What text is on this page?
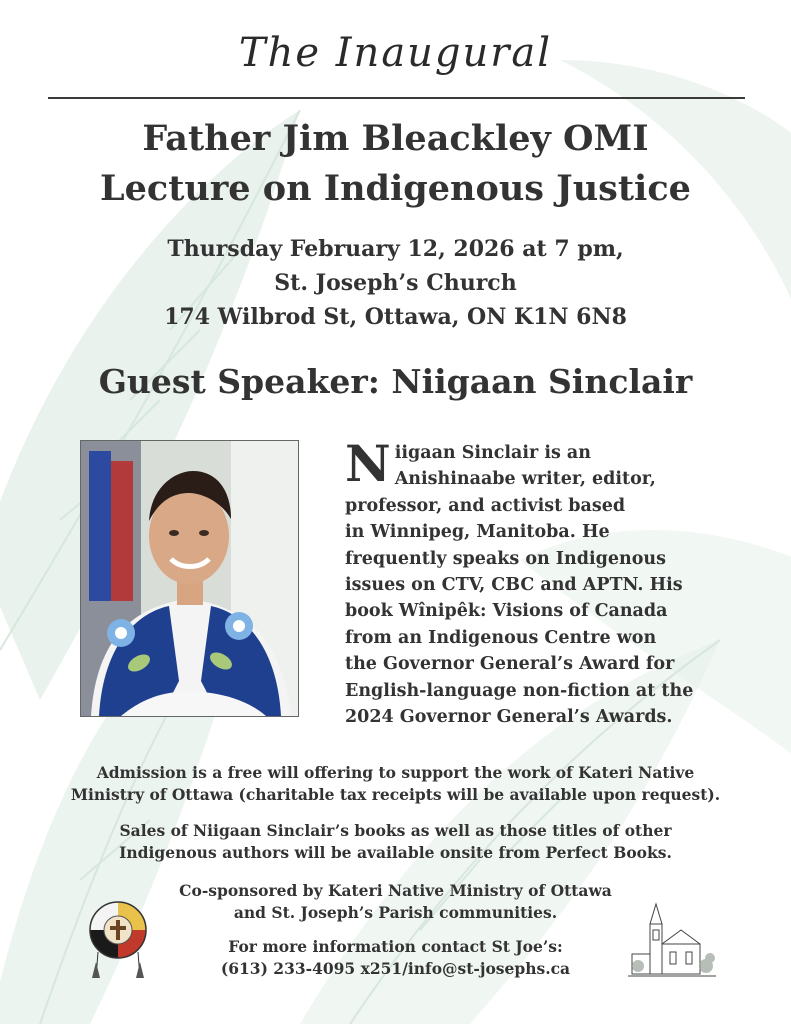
The Inaugural
Father Jim Bleackley OMI
Lecture on Indigenous Justice
Thursday February 12, 2026 at 7 pm,
St. Joseph’s Church
174 Wilbrod St, Ottawa, ON K1N 6N8
Guest Speaker: Niigaan Sinclair
N iigaan Sinclair is an
Anishinaabe writer, editor,
professor, and activist based
in Winnipeg, Manitoba. He
frequently speaks on Indigenous
issues on CTV, CBC and APTN. His
book Wînipêk: Visions of Canada
from an Indigenous Centre won
the Governor General’s Award for
English-language non-fiction at the
2024 Governor General’s Awards.
Admission is a free will offering to support the work of Kateri Native
Ministry of Ottawa (charitable tax receipts will be available upon request).
Sales of Niigaan Sinclair’s books as well as those titles of other
Indigenous authors will be available onsite from Perfect Books.
Co-sponsored by Kateri Native Ministry of Ottawa
and St. Joseph’s Parish communities.
For more information contact St Joe’s:
(613) 233-4095 x251/info@st-josephs.ca
